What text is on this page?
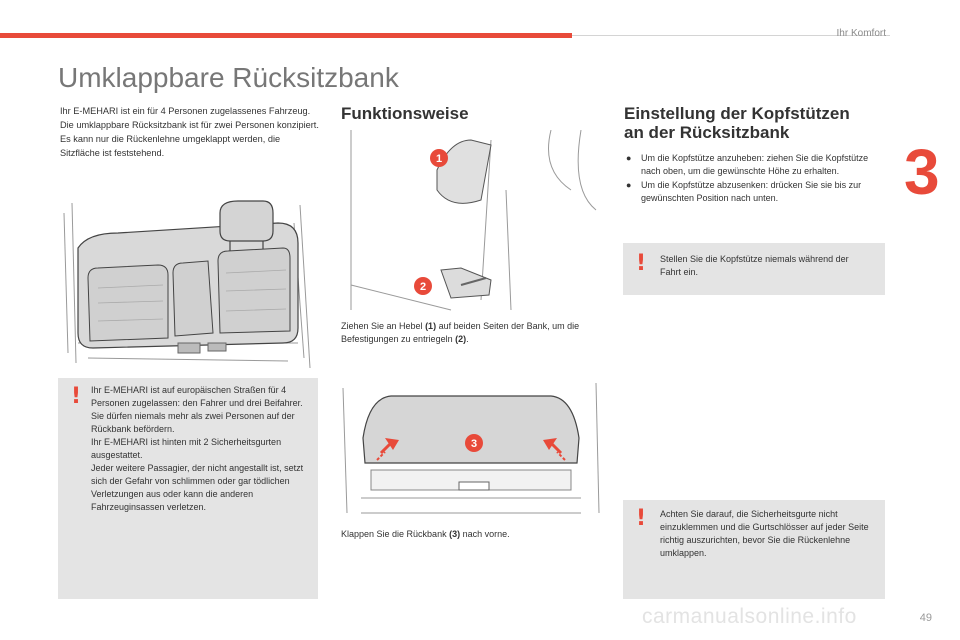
Ihr Komfort
3
Umklappbare Rücksitzbank
Ihr E-MEHARI ist ein für 4 Personen zugelassenes Fahrzeug.
Die umklappbare Rücksitzbank ist für zwei Personen konzipiert.
Es kann nur die Rückenlehne umgeklappt werden, die Sitzfläche ist feststehend.
! Ihr E-MEHARI ist auf europäischen Straßen für 4 Personen zugelassen: den Fahrer und drei Beifahrer.
Sie dürfen niemals mehr als zwei Personen auf der Rückbank befördern.
Ihr E-MEHARI ist hinten mit 2 Sicherheitsgurten ausgestattet.
Jeder weitere Passagier, der nicht angestallt ist, setzt sich der Gefahr von schlimmen oder gar tödlichen Verletzungen aus oder kann die anderen Fahrzeuginsassen verletzen.
Funktionsweise
1
2
Ziehen Sie an Hebel (1) auf beiden Seiten der Bank, um die Befestigungen zu entriegeln (2).
3
Klappen Sie die Rückbank (3) nach vorne.
Einstellung der Kopfstützen
an der Rücksitzbank
● Um die Kopfstütze anzuheben: ziehen Sie die Kopfstütze nach oben, um die gewünschte Höhe zu erhalten.
● Um die Kopfstütze abzusenken: drücken Sie sie bis zur gewünschten Position nach unten.
! Stellen Sie die Kopfstütze niemals während der Fahrt ein.
! Achten Sie darauf, die Sicherheitsgurte nicht einzuklemmen und die Gurtschlösser auf jeder Seite richtig auszurichten, bevor Sie die Rückenlehne umklappen.
carmanualsonline.info	49
